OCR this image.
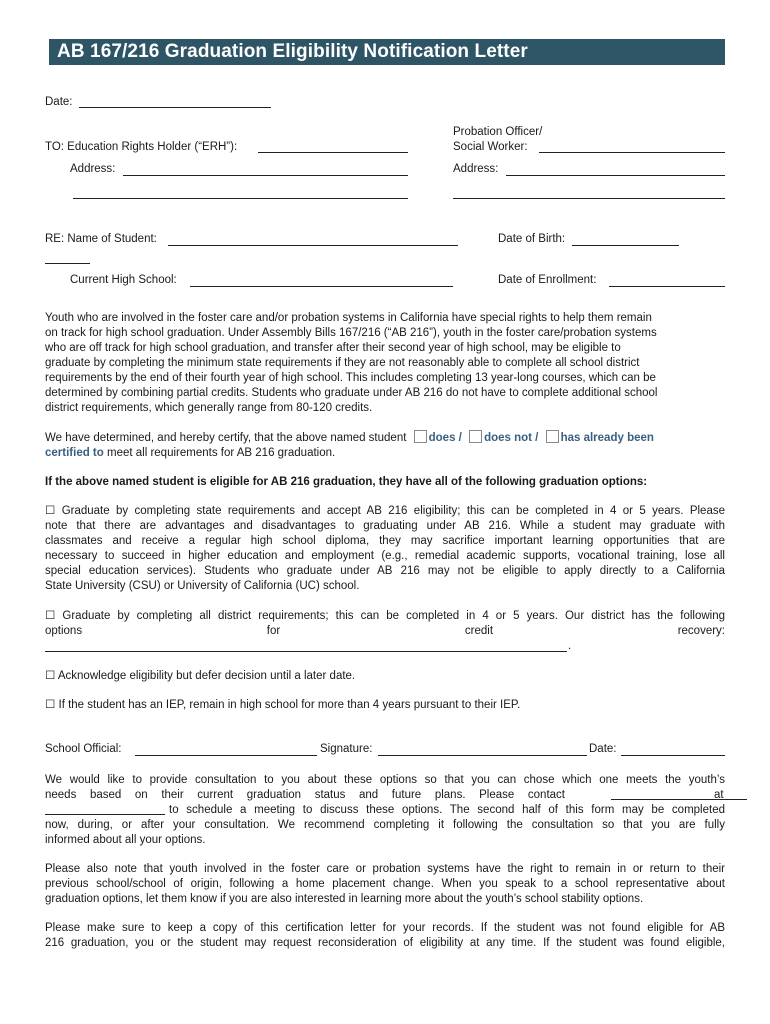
AB 167/216 Graduation Eligibility Notification Letter
Date:
TO: Education Rights Holder (“ERH”):
Probation Officer/
Social Worker:
Address:	Address:
RE: Name of Student:	Date of Birth:
Current High School:	Date of Enrollment:
Youth who are involved in the foster care and/or probation systems in California have special rights to help them remain
on track for high school graduation. Under Assembly Bills 167/216 (“AB 216”), youth in the foster care/probation systems
who are off track for high school graduation, and transfer after their second year of high school, may be eligible to
graduate by completing the minimum state requirements if they are not reasonably able to complete all school district
requirements by the end of their fourth year of high school. This includes completing 13 year-long courses, which can be
determined by combining partial credits. Students who graduate under AB 216 do not have to complete additional school
district requirements, which generally range from 80-120 credits.
We have determined, and hereby certify, that the above named student does / does not / has already been
certified to meet all requirements for AB 216 graduation.
If the above named student is eligible for AB 216 graduation, they have all of the following graduation options:
☐ Graduate by completing state requirements and accept AB 216 eligibility; this can be completed in 4 or 5 years. Please
note that there are advantages and disadvantages to graduating under AB 216. While a student may graduate with
classmates and receive a regular high school diploma, they may sacrifice important learning opportunities that are
necessary to succeed in higher education and employment (e.g., remedial academic supports, vocational training, lose all
special education services). Students who graduate under AB 216 may not be eligible to apply directly to a California
State University (CSU) or University of California (UC) school.
☐ Graduate by completing all district requirements; this can be completed in 4 or 5 years. Our district has the following
options	for	credit	recovery:
.
☐ Acknowledge eligibility but defer decision until a later date.
☐ If the student has an IEP, remain in high school for more than 4 years pursuant to their IEP.
School Official:	Signature:	Date:
We would like to provide consultation to you about these options so that you can chose which one meets the youth’s
needs based on their current graduation status and future plans. Please contact	at
to schedule a meeting to discuss these options. The second half of this form may be completed
now, during, or after your consultation. We recommend completing it following the consultation so that you are fully
informed about all your options.
Please also note that youth involved in the foster care or probation systems have the right to remain in or return to their
previous school/school of origin, following a home placement change. When you speak to a school representative about
graduation options, let them know if you are also interested in learning more about the youth’s school stability options.
Please make sure to keep a copy of this certification letter for your records. If the student was not found eligible for AB
216 graduation, you or the student may request reconsideration of eligibility at any time. If the student was found eligible,
